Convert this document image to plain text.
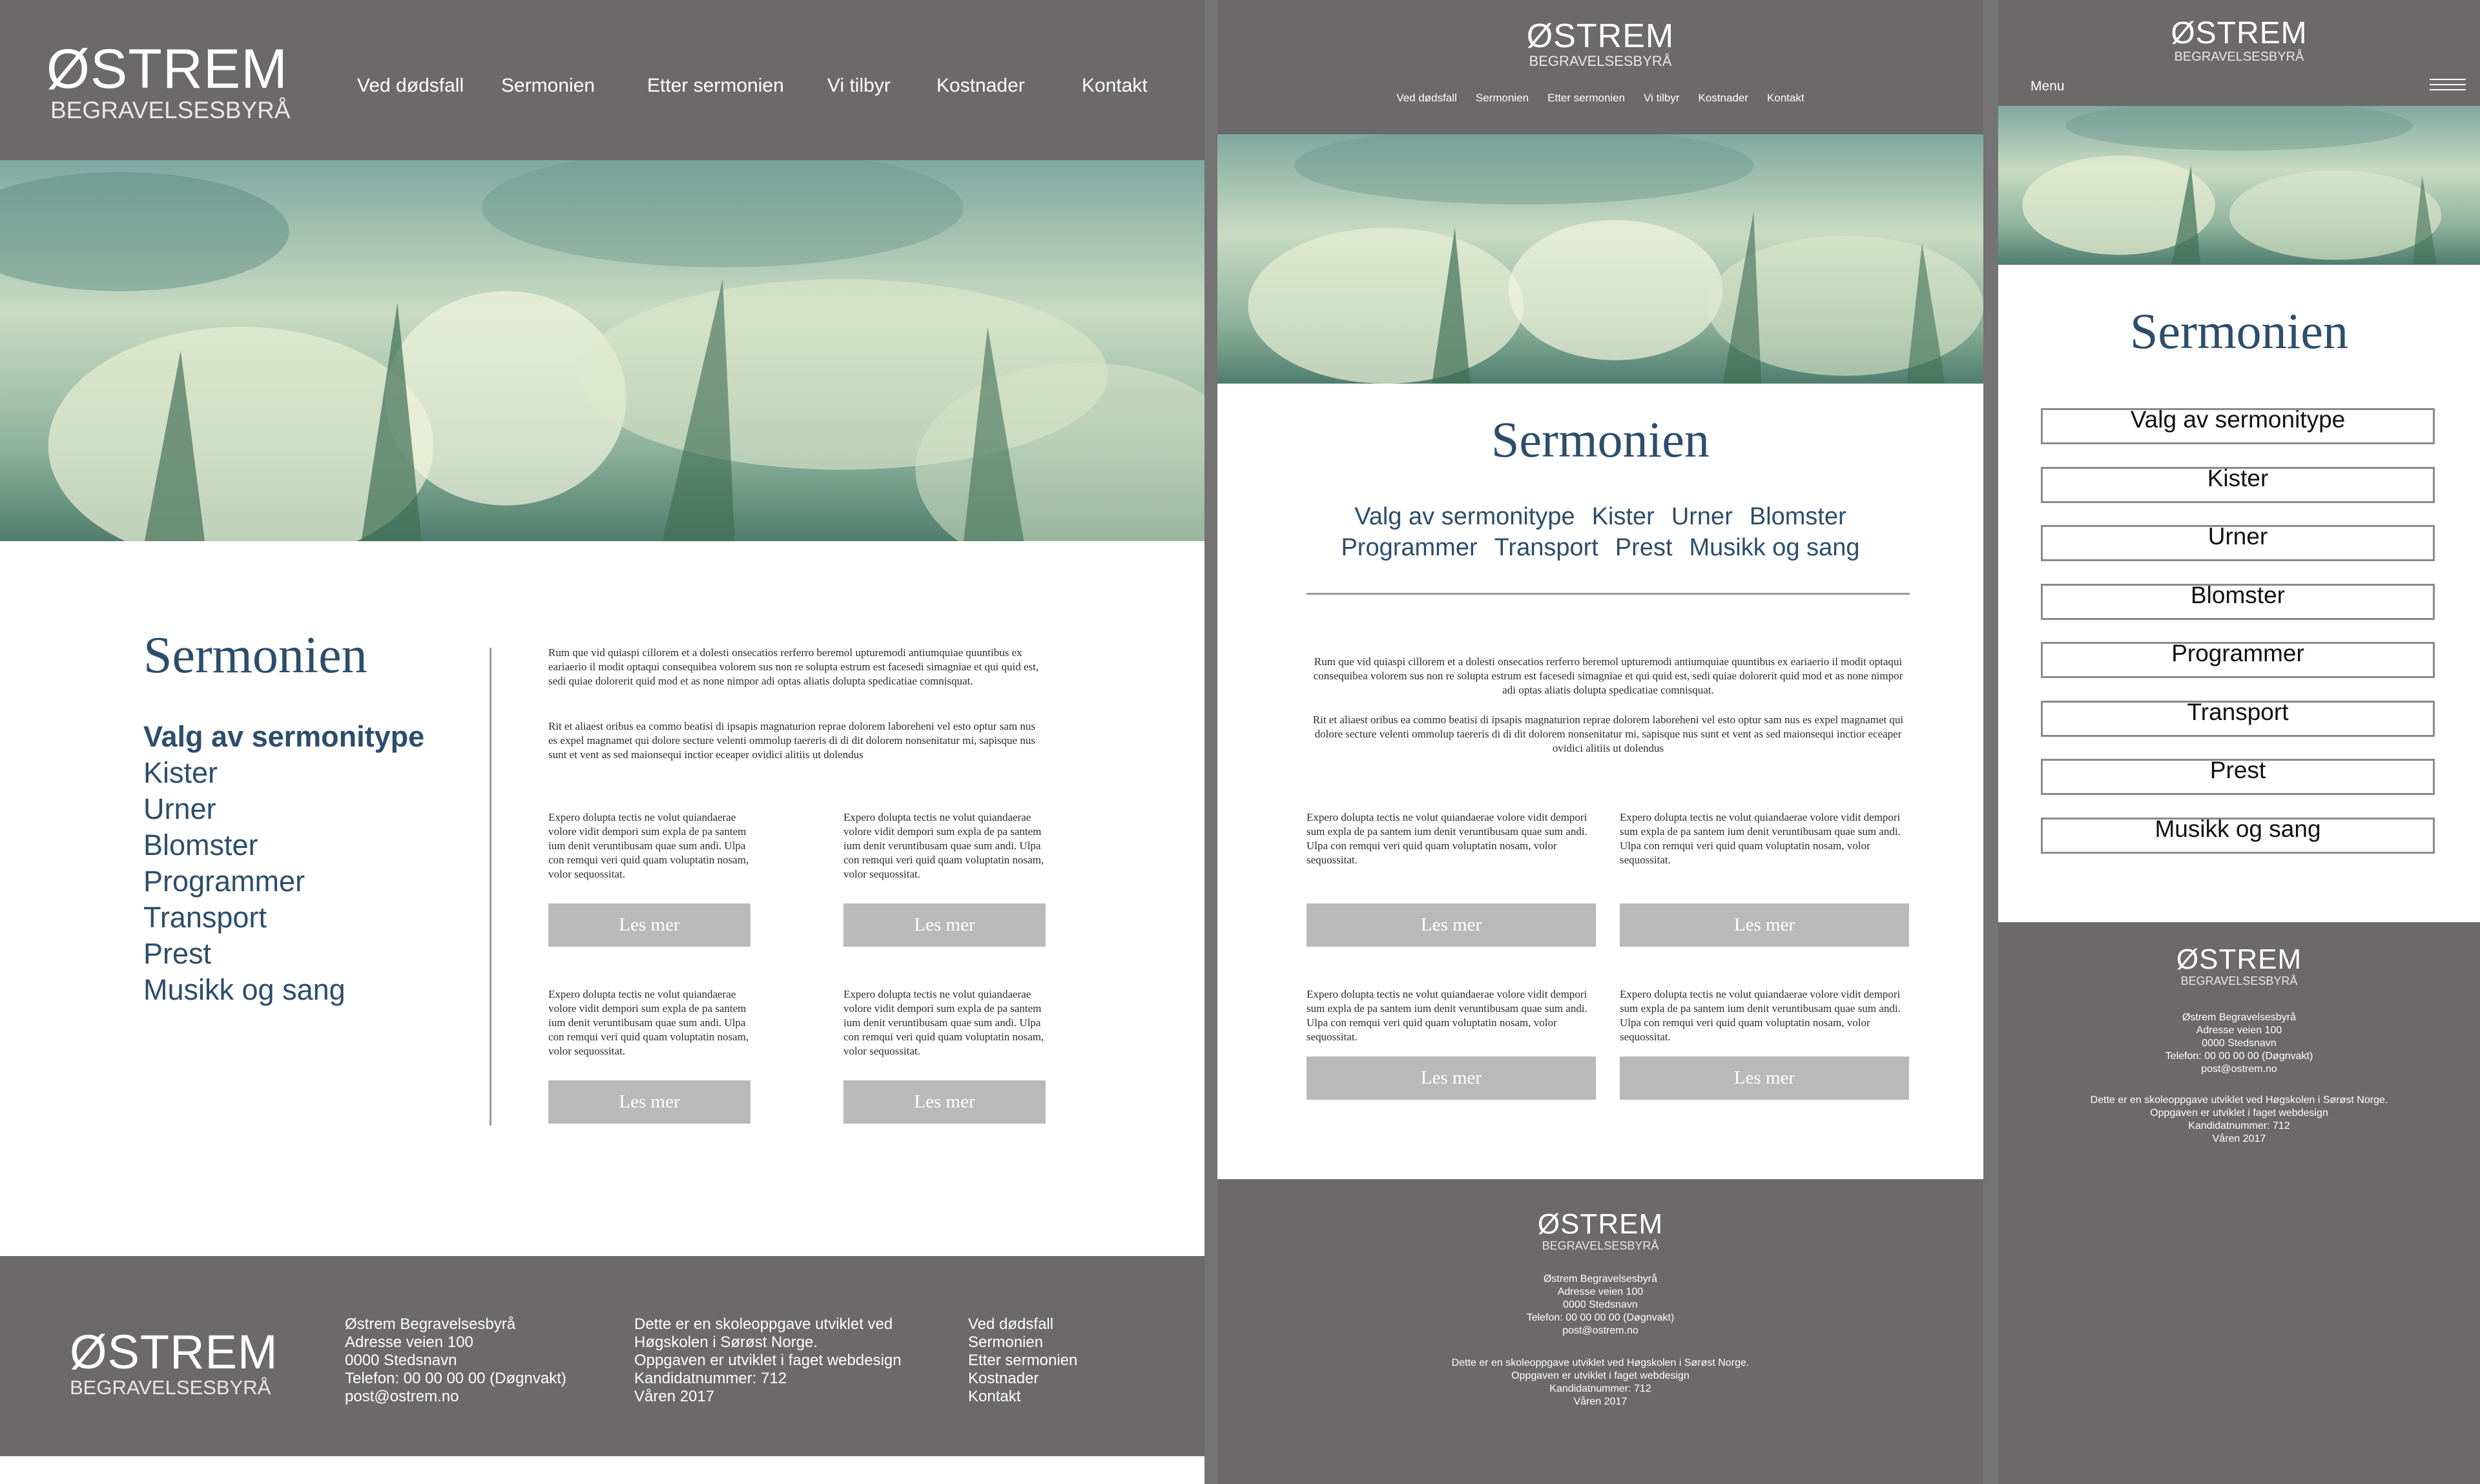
ØSTREM
BEGRAVELSESBYRÅ
Ved dødsfall Sermonien	Etter sermonien Vi tilbyr Kostnader	Kontakt
Sermonien
Valg av sermonitype
Kister
Urner
Blomster
Programmer
Transport
Prest
Musikk og sang

Rum que vid quiaspi cillorem et a dolesti onsecatios rerferro beremol upturemodi antiumquiae quuntibus ex eariaerio il modit optaqui consequibea volorem sus non re solupta estrum est facesedi simagniae et qui quid est, sedi quiae dolorerit quid mod et as none nimpor adi optas aliatis dolupta spedicatiae comnisquat.

Rit et aliaest oribus ea commo beatisi di ipsapis magnaturion reprae dolorem laboreheni vel esto optur sam nus es expel magnamet qui dolore secture velenti ommolup taereris di di dit dolorem nonsenitatur mi, sapisque nus sunt et vent as sed maionsequi inctior eceaper ovidici alitiis ut dolendus

Expero dolupta tectis ne volut quiandaerae volore vidit dempori sum expla de pa santem ium denit veruntibusam quae sum andi. Ulpa con remqui veri quid quam voluptatin nosam, volor sequossitat.

Les mer

Expero dolupta tectis ne volut quiandaerae volore vidit dempori sum expla de pa santem ium denit veruntibusam quae sum andi. Ulpa con remqui veri quid quam voluptatin nosam, volor sequossitat.

Les mer

Expero dolupta tectis ne volut quiandaerae volore vidit dempori sum expla de pa santem ium denit veruntibusam quae sum andi. Ulpa con remqui veri quid quam voluptatin nosam, volor sequossitat.

Les mer

Expero dolupta tectis ne volut quiandaerae volore vidit dempori sum expla de pa santem ium denit veruntibusam quae sum andi. Ulpa con remqui veri quid quam voluptatin nosam, volor sequossitat.

Les mer
ØSTREM
BEGRAVELSESBYRÅ
Østrem Begravelsesbyrå
Adresse veien 100
0000 Stedsnavn
Telefon: 00 00 00 00 (Døgnvakt)
post@ostrem.no
Dette er en skoleoppgave utviklet ved
Høgskolen i Sørøst Norge.
Oppgaven er utviklet i faget webdesign
Kandidatnummer: 712
Våren 2017
Ved dødsfall
Sermonien
Etter sermonien
Kostnader
Kontakt
ØSTREM
BEGRAVELSESBYRÅ
Ved dødsfall Sermonien Etter sermonien Vi tilbyr Kostnader Kontakt
Sermonien
Valg av sermonitype Kister Urner Blomster
Programmer Transport Prest Musikk og sang

Rum que vid quiaspi cillorem et a dolesti onsecatios rerferro beremol upturemodi antiumquiae quuntibus ex eariaerio il modit optaqui consequibea volorem sus non re solupta estrum est facesedi simagniae et qui quid est, sedi quiae dolorerit quid mod et as none nimpor adi optas aliatis dolupta spedicatiae comnisquat.

Rit et aliaest oribus ea commo beatisi di ipsapis magnaturion reprae dolorem laboreheni vel esto optur sam nus es expel magnamet qui dolore secture velenti ommolup taereris di di dit dolorem nonsenitatur mi, sapisque nus sunt et vent as sed maionsequi inctior eceaper ovidici alitiis ut dolendus

Expero dolupta tectis ne volut quiandaerae volore vidit dempori sum expla de pa santem ium denit veruntibusam quae sum andi. Ulpa con remqui veri quid quam voluptatin nosam, volor sequossitat.

Les mer

Expero dolupta tectis ne volut quiandaerae volore vidit dempori sum expla de pa santem ium denit veruntibusam quae sum andi. Ulpa con remqui veri quid quam voluptatin nosam, volor sequossitat.

Les mer

Expero dolupta tectis ne volut quiandaerae volore vidit dempori sum expla de pa santem ium denit veruntibusam quae sum andi. Ulpa con remqui veri quid quam voluptatin nosam, volor sequossitat.

Les mer

Expero dolupta tectis ne volut quiandaerae volore vidit dempori sum expla de pa santem ium denit veruntibusam quae sum andi. Ulpa con remqui veri quid quam voluptatin nosam, volor sequossitat.

Les mer
ØSTREM
BEGRAVELSESBYRÅ
Østrem Begravelsesbyrå
Adresse veien 100
0000 Stedsnavn
Telefon: 00 00 00 00 (Døgnvakt)
post@ostrem.no
Dette er en skoleoppgave utviklet ved Høgskolen i Sørøst Norge.
Oppgaven er utviklet i faget webdesign
Kandidatnummer: 712
Våren 2017
ØSTREM
BEGRAVELSESBYRÅ
Menu
Sermonien
Valg av sermonitype
Kister
Urner
Blomster
Programmer
Transport
Prest
Musikk og sang
ØSTREM
BEGRAVELSESBYRÅ
Østrem Begravelsesbyrå
Adresse veien 100
0000 Stedsnavn
Telefon: 00 00 00 00 (Døgnvakt)
post@ostrem.no
Dette er en skoleoppgave utviklet ved Høgskolen i Sørøst Norge.
Oppgaven er utviklet i faget webdesign
Kandidatnummer: 712
Våren 2017
